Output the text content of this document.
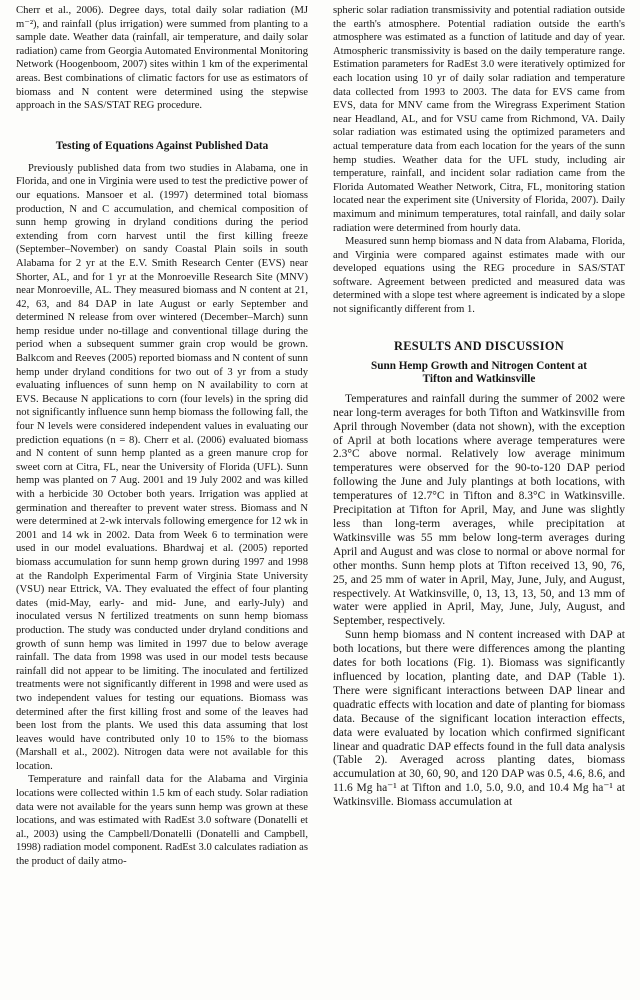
Cherr et al., 2006). Degree days, total daily solar radiation (MJ m⁻²), and rainfall (plus irrigation) were summed from planting to a sample date. Weather data (rainfall, air temperature, and daily solar radiation) came from Georgia Automated Environmental Monitoring Network (Hoogenboom, 2007) sites within 1 km of the experimental areas. Best combinations of climatic factors for use as estimators of biomass and N content were determined using the stepwise approach in the SAS/STAT REG procedure.

Testing of Equations Against Published Data

Previously published data from two studies in Alabama, one in Florida, and one in Virginia were used to test the predictive power of our equations. Mansoer et al. (1997) determined total biomass production, N and C accumulation, and chemical composition of sunn hemp growing in dryland conditions during the period extending from corn harvest until the first killing freeze (September–November) on sandy Coastal Plain soils in south Alabama for 2 yr at the E.V. Smith Research Center (EVS) near Shorter, AL, and for 1 yr at the Monroeville Research Site (MNV) near Monroeville, AL. They measured biomass and N content at 21, 42, 63, and 84 DAP in late August or early September and determined N release from over wintered (December–March) sunn hemp residue under no-tillage and conventional tillage during the period when a subsequent summer grain crop would be grown. Balkcom and Reeves (2005) reported biomass and N content of sunn hemp under dryland conditions for two out of 3 yr from a study evaluating influences of sunn hemp on N availability to corn at EVS. Because N applications to corn (four levels) in the spring did not significantly influence sunn hemp biomass the following fall, the four N levels were considered independent values in evaluating our prediction equations (n = 8). Cherr et al. (2006) evaluated biomass and N content of sunn hemp planted as a green manure crop for sweet corn at Citra, FL, near the University of Florida (UFL). Sunn hemp was planted on 7 Aug. 2001 and 19 July 2002 and was killed with a herbicide 30 October both years. Irrigation was applied at germination and thereafter to prevent water stress. Biomass and N were determined at 2-wk intervals following emergence for 12 wk in 2001 and 14 wk in 2002. Data from Week 6 to termination were used in our model evaluations. Bhardwaj et al. (2005) reported biomass accumulation for sunn hemp grown during 1997 and 1998 at the Randolph Experimental Farm of Virginia State University (VSU) near Ettrick, VA. They evaluated the effect of four planting dates (mid-May, early- and mid- June, and early-July) and inoculated versus N fertilized treatments on sunn hemp biomass production. The study was conducted under dryland conditions and growth of sunn hemp was limited in 1997 due to below average rainfall. The data from 1998 was used in our model tests because rainfall did not appear to be limiting. The inoculated and fertilized treatments were not significantly different in 1998 and were used as two independent values for testing our equations. Biomass was determined after the first killing frost and some of the leaves had been lost from the plants. We used this data assuming that lost leaves would have contributed only 10 to 15% to the biomass (Marshall et al., 2002). Nitrogen data were not available for this location.

Temperature and rainfall data for the Alabama and Virginia locations were collected within 1.5 km of each study. Solar radiation data were not available for the years sunn hemp was grown at these locations, and was estimated with RadEst 3.0 software (Donatelli et al., 2003) using the Campbell/Donatelli (Donatelli and Campbell, 1998) radiation model component. RadEst 3.0 calculates radiation as the product of daily atmo-

spheric solar radiation transmissivity and potential radiation outside the earth's atmosphere. Potential radiation outside the earth's atmosphere was estimated as a function of latitude and day of year. Atmospheric transmissivity is based on the daily temperature range. Estimation parameters for RadEst 3.0 were iteratively optimized for each location using 10 yr of daily solar radiation and temperature data collected from 1993 to 2003. The data for EVS came from EVS, data for MNV came from the Wiregrass Experiment Station near Headland, AL, and for VSU came from Richmond, VA. Daily solar radiation was estimated using the optimized parameters and actual temperature data from each location for the years of the sunn hemp studies. Weather data for the UFL study, including air temperature, rainfall, and incident solar radiation came from the Florida Automated Weather Network, Citra, FL, monitoring station located near the experiment site (University of Florida, 2007). Daily maximum and minimum temperatures, total rainfall, and daily solar radiation were determined from hourly data.

Measured sunn hemp biomass and N data from Alabama, Florida, and Virginia were compared against estimates made with our developed equations using the REG procedure in SAS/STAT software. Agreement between predicted and measured data was determined with a slope test where agreement is indicated by a slope not significantly different from 1.

RESULTS AND DISCUSSION
Sunn Hemp Growth and Nitrogen Content at
Tifton and Watkinsville

Temperatures and rainfall during the summer of 2002 were near long-term averages for both Tifton and Watkinsville from April through November (data not shown), with the exception of April at both locations where average temperatures were 2.3°C above normal. Relatively low average minimum temperatures were observed for the 90-to-120 DAP period following the June and July plantings at both locations, with temperatures of 12.7°C in Tifton and 8.3°C in Watkinsville. Precipitation at Tifton for April, May, and June was slightly less than long-term averages, while precipitation at Watkinsville was 55 mm below long-term averages during April and August and was close to normal or above normal for other months. Sunn hemp plots at Tifton received 13, 90, 76, 25, and 25 mm of water in April, May, June, July, and August, respectively. At Watkinsville, 0, 13, 13, 13, 50, and 13 mm of water were applied in April, May, June, July, August, and September, respectively.

Sunn hemp biomass and N content increased with DAP at both locations, but there were differences among the planting dates for both locations (Fig. 1). Biomass was significantly influenced by location, planting date, and DAP (Table 1). There were significant interactions between DAP linear and quadratic effects with location and date of planting for biomass data. Because of the significant location interaction effects, data were evaluated by location which confirmed significant linear and quadratic DAP effects found in the full data analysis (Table 2). Averaged across planting dates, biomass accumulation at 30, 60, 90, and 120 DAP was 0.5, 4.6, 8.6, and 11.6 Mg ha⁻¹ at Tifton and 1.0, 5.0, 9.0, and 10.4 Mg ha⁻¹ at Watkinsville. Biomass accumulation at
